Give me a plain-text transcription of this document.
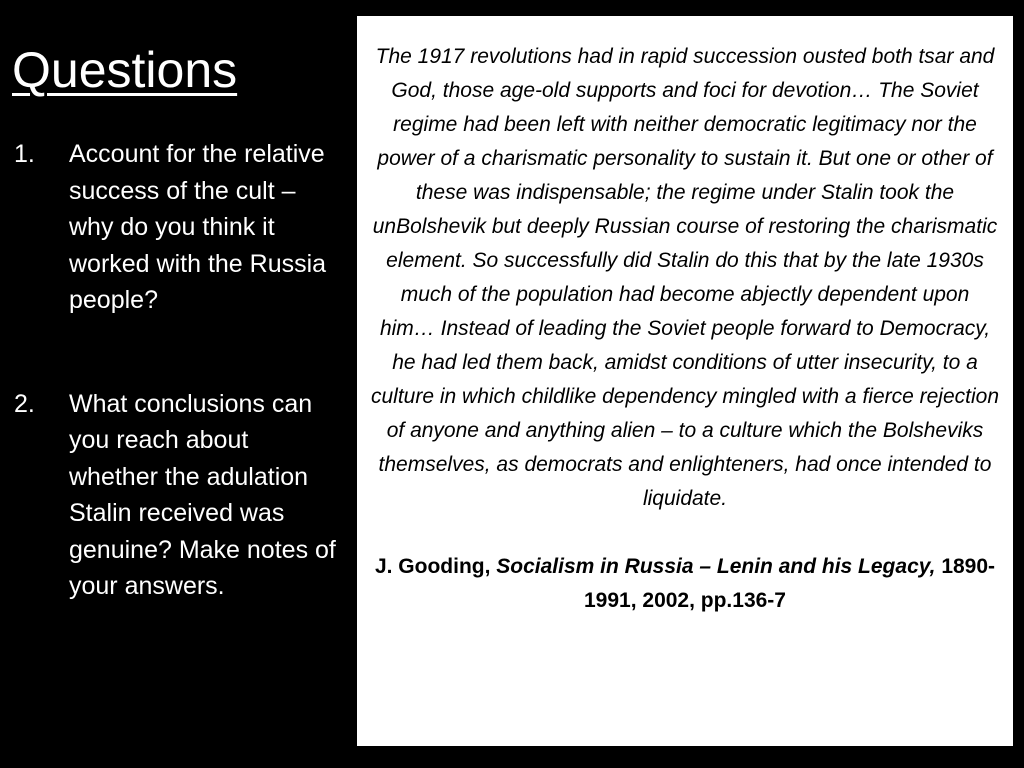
Questions
1. Account for the relative success of the cult – why do you think it worked with the Russia people?
2. What conclusions can you reach about whether the adulation Stalin received was genuine? Make notes of your answers.

The 1917 revolutions had in rapid succession ousted both tsar and God, those age-old supports and foci for devotion… The Soviet regime had been left with neither democratic legitimacy nor the power of a charismatic personality to sustain it. But one or other of these was indispensable; the regime under Stalin took the unBolshevik but deeply Russian course of restoring the charismatic element. So successfully did Stalin do this that by the late 1930s much of the population had become abjectly dependent upon him… Instead of leading the Soviet people forward to Democracy, he had led them back, amidst conditions of utter insecurity, to a culture in which childlike dependency mingled with a fierce rejection of anyone and anything alien – to a culture which the Bolsheviks themselves, as democrats and enlighteners, had once intended to liquidate.

J. Gooding, Socialism in Russia – Lenin and his Legacy, 1890-1991, 2002, pp.136-7
